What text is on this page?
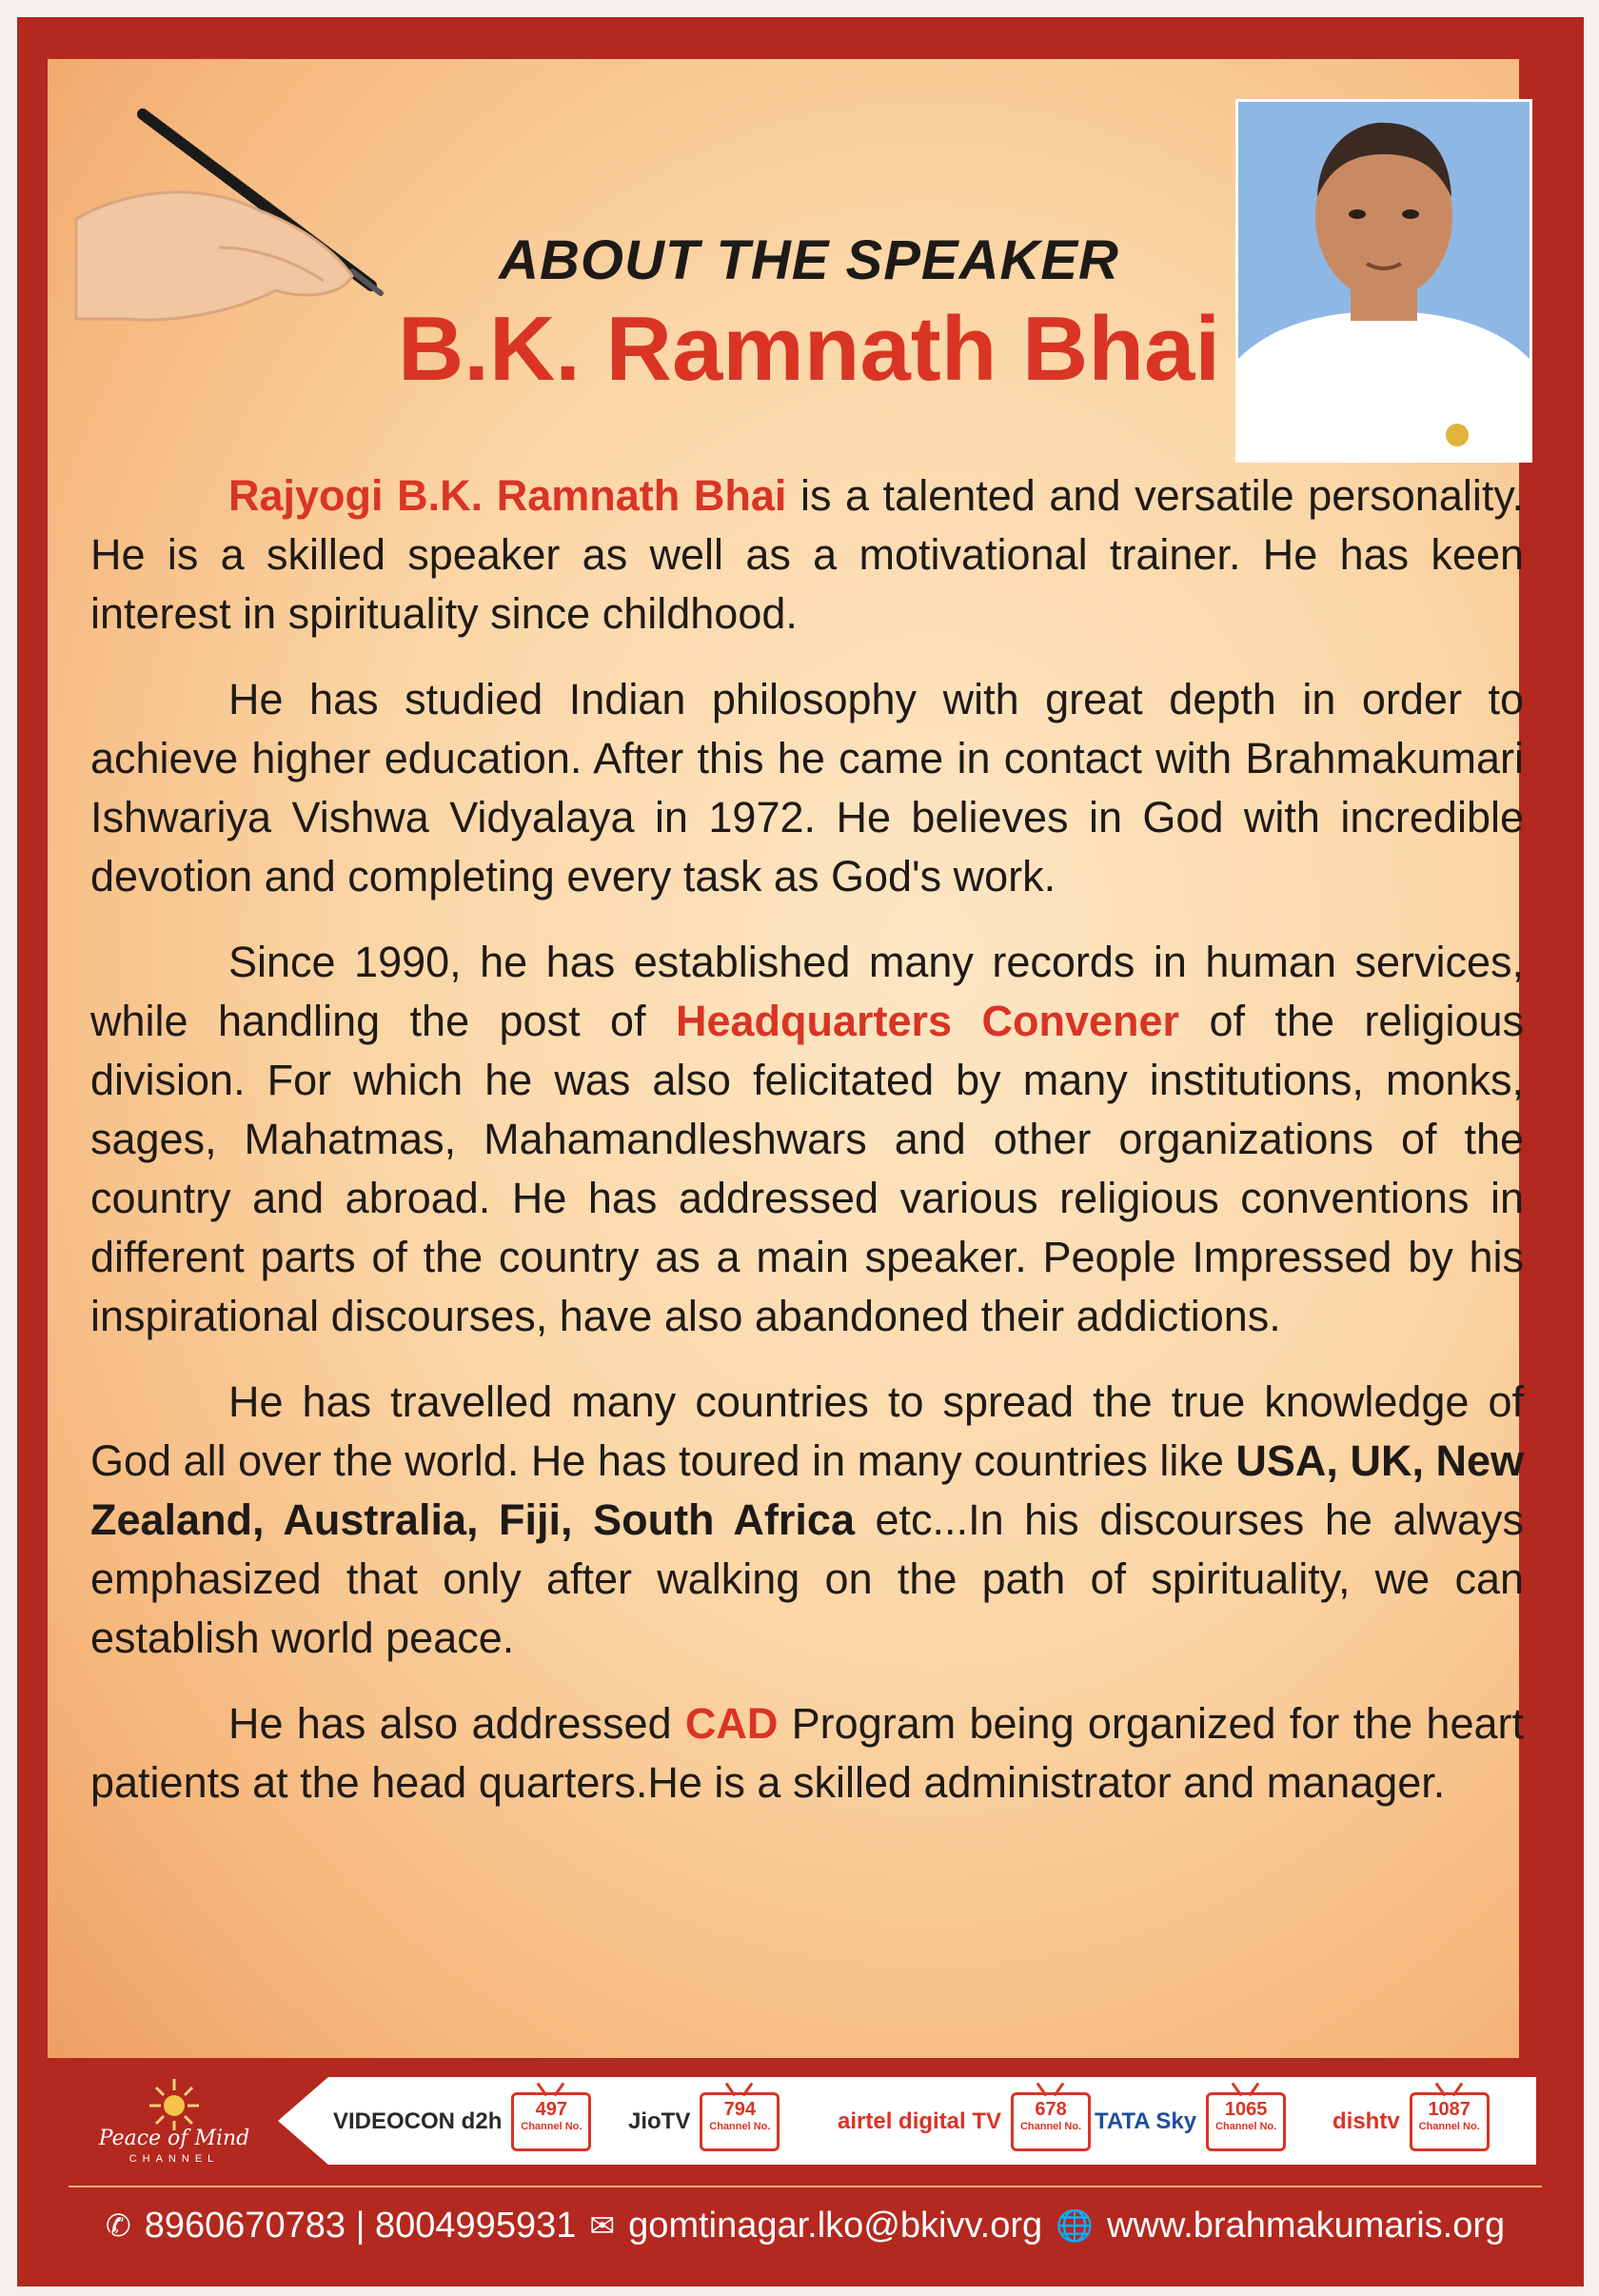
ABOUT THE SPEAKER
B.K. Ramnath Bhai

Rajyogi B.K. Ramnath Bhai is a talented and versatile personality. He is a skilled speaker as well as a motivational trainer. He has keen interest in spirituality since childhood.

He has studied Indian philosophy with great depth in order to achieve higher education. After this he came in contact with Brahmakumari Ishwariya Vishwa Vidyalaya in 1972. He believes in God with incredible devotion and completing every task as God's work.

Since 1990, he has established many records in human services, while handling the post of Headquarters Convener of the religious division. For which he was also felicitated by many institutions, monks, sages, Mahatmas, Mahamandleshwars and other organizations of the country and abroad. He has addressed various religious conventions in different parts of the country as a main speaker. People Impressed by his inspirational discourses, have also abandoned their addictions.

He has travelled many countries to spread the true knowledge of God all over the world. He has toured in many countries like USA, UK, New Zealand, Australia, Fiji, South Africa etc...In his discourses he always emphasized that only after walking on the path of spirituality, we can establish world peace.

He has also addressed CAD Program being organized for the heart patients at the head quarters.He is a skilled administrator and manager.

Peace of Mind
CHANNEL
VIDEOCON d2h	497
Channel No. JioTV	794
Channel No.	airtel digital TV	678
Channel No. TATA Sky	1065
Channel No. dishtv	1087
Channel No.
✆ 8960670783 | 8004995931 ✉ gomtinagar.lko@bkivv.org 🌐 www.brahmakumaris.org
